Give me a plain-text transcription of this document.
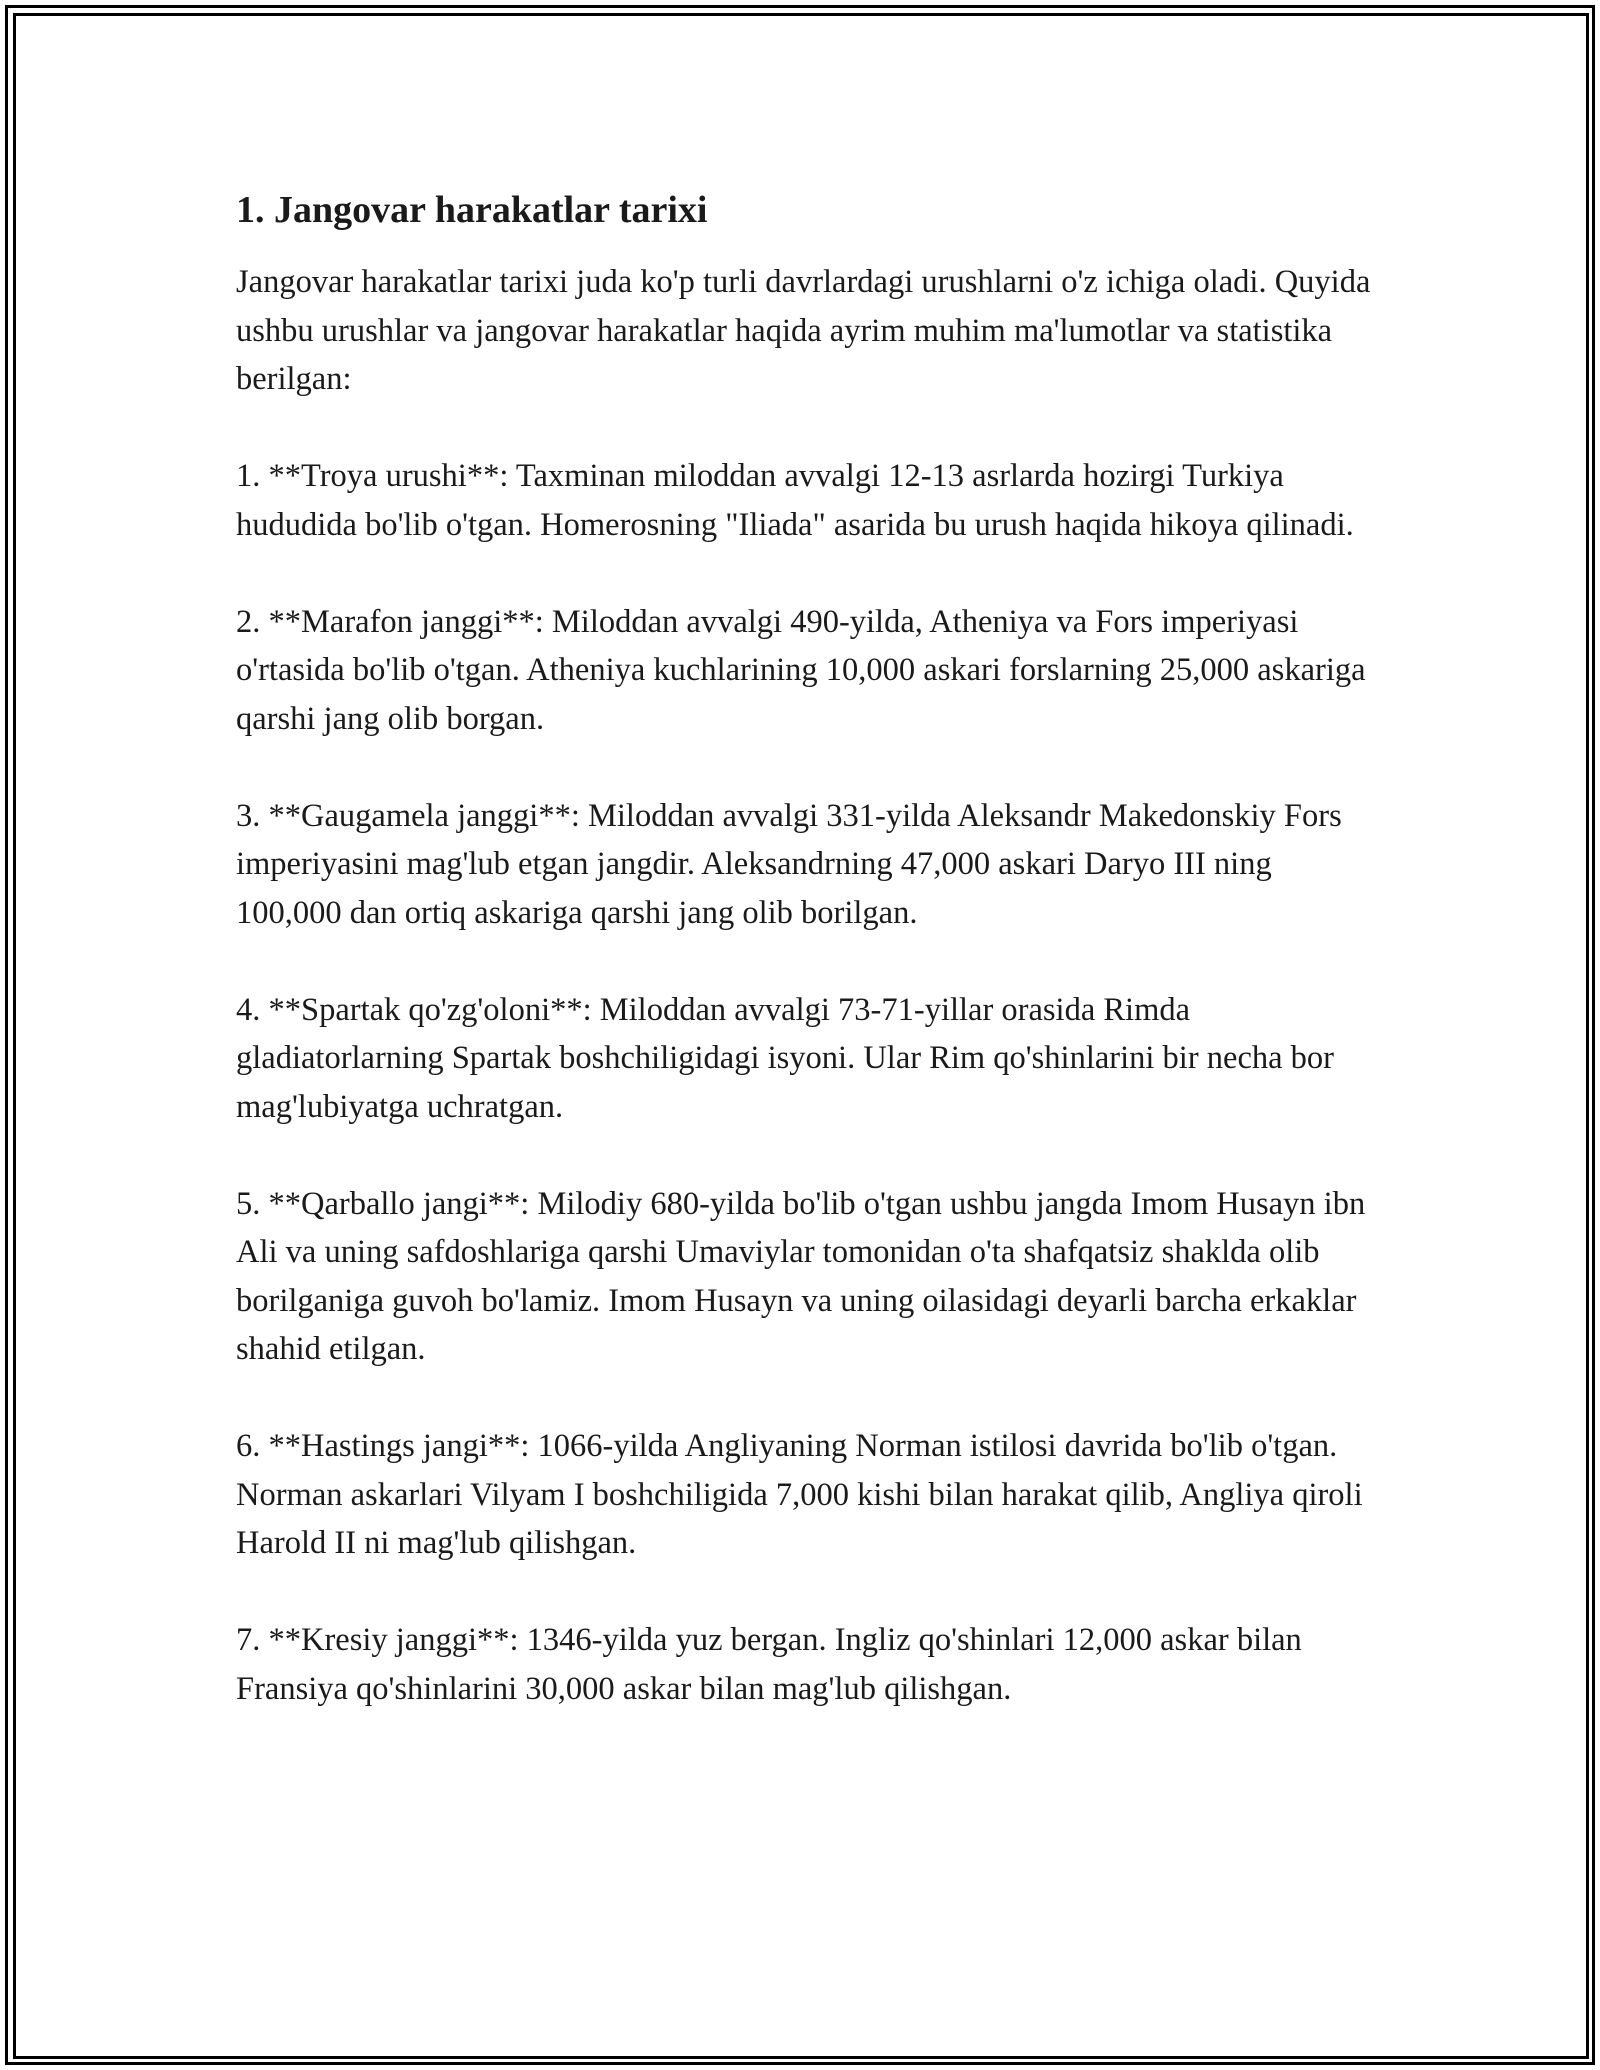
1. Jangovar harakatlar tarixi

Jangovar harakatlar tarixi juda ko'p turli davrlardagi urushlarni o'z ichiga oladi. Quyida ushbu urushlar va jangovar harakatlar haqida ayrim muhim ma'lumotlar va statistika berilgan:

1. **Troya urushi**: Taxminan miloddan avvalgi 12-13 asrlarda hozirgi Turkiya hududida bo'lib o'tgan. Homerosning "Iliada" asarida bu urush haqida hikoya qilinadi.

2. **Marafon janggi**: Miloddan avvalgi 490-yilda, Atheniya va Fors imperiyasi o'rtasida bo'lib o'tgan. Atheniya kuchlarining 10,000 askari forslarning 25,000 askariga qarshi jang olib borgan.

3. **Gaugamela janggi**: Miloddan avvalgi 331-yilda Aleksandr Makedonskiy Fors imperiyasini mag'lub etgan jangdir. Aleksandrning 47,000 askari Daryo III ning 100,000 dan ortiq askariga qarshi jang olib borilgan.

4. **Spartak qo'zg'oloni**: Miloddan avvalgi 73-71-yillar orasida Rimda gladiatorlarning Spartak boshchiligidagi isyoni. Ular Rim qo'shinlarini bir necha bor mag'lubiyatga uchratgan.

5. **Qarballo jangi**: Milodiy 680-yilda bo'lib o'tgan ushbu jangda Imom Husayn ibn Ali va uning safdoshlariga qarshi Umaviylar tomonidan o'ta shafqatsiz shaklda olib borilganiga guvoh bo'lamiz. Imom Husayn va uning oilasidagi deyarli barcha erkaklar shahid etilgan.

6. **Hastings jangi**: 1066-yilda Angliyaning Norman istilosi davrida bo'lib o'tgan. Norman askarlari Vilyam I boshchiligida 7,000 kishi bilan harakat qilib, Angliya qiroli Harold II ni mag'lub qilishgan.

7. **Kresiy janggi**: 1346-yilda yuz bergan. Ingliz qo'shinlari 12,000 askar bilan Fransiya qo'shinlarini 30,000 askar bilan mag'lub qilishgan.
